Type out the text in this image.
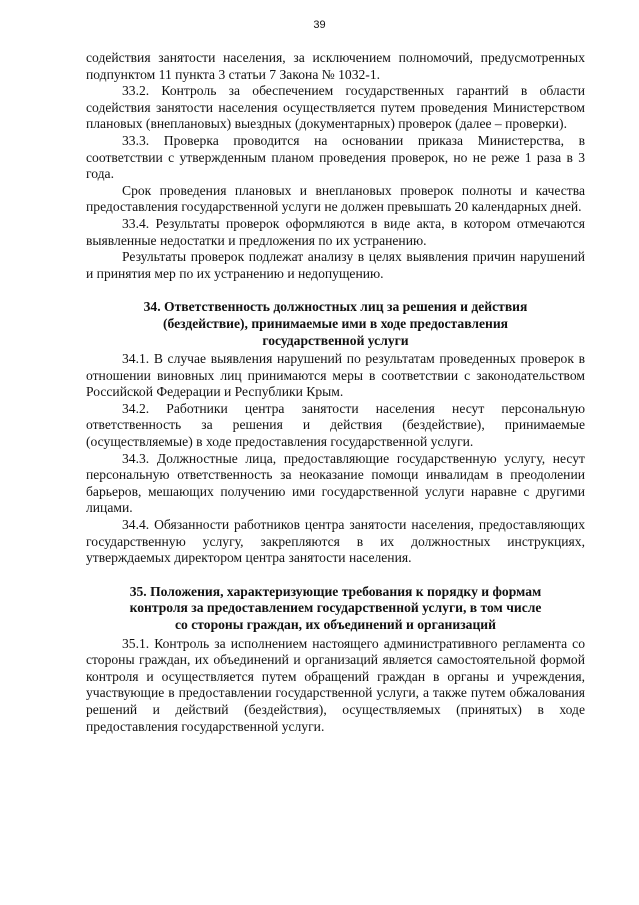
39

содействия занятости населения, за исключением полномочий, предусмотренных подпунктом 11 пункта 3 статьи 7 Закона № 1032-1.

33.2. Контроль за обеспечением государственных гарантий в области содействия занятости населения осуществляется путем проведения Министерством плановых (внеплановых) выездных (документарных) проверок (далее – проверки).

33.3. Проверка проводится на основании приказа Министерства, в соответствии с утвержденным планом проведения проверок, но не реже 1 раза в 3 года.

Срок проведения плановых и внеплановых проверок полноты и качества предоставления государственной услуги не должен превышать 20 календарных дней.

33.4. Результаты проверок оформляются в виде акта, в котором отмечаются выявленные недостатки и предложения по их устранению.

Результаты проверок подлежат анализу в целях выявления причин нарушений и принятия мер по их устранению и недопущению.

34. Ответственность должностных лиц за решения и действия
(бездействие), принимаемые ими в ходе предоставления
государственной услуги

34.1. В случае выявления нарушений по результатам проведенных проверок в отношении виновных лиц принимаются меры в соответствии с законодательством Российской Федерации и Республики Крым.

34.2. Работники центра занятости населения несут персональную ответственность за решения и действия (бездействие), принимаемые (осуществляемые) в ходе предоставления государственной услуги.

34.3. Должностные лица, предоставляющие государственную услугу, несут персональную ответственность за неоказание помощи инвалидам в преодолении барьеров, мешающих получению ими государственной услуги наравне с другими лицами.

34.4. Обязанности работников центра занятости населения, предоставляющих государственную услугу, закрепляются в их должностных инструкциях, утверждаемых директором центра занятости населения.

35. Положения, характеризующие требования к порядку и формам
контроля за предоставлением государственной услуги, в том числе
со стороны граждан, их объединений и организаций

35.1. Контроль за исполнением настоящего административного регламента со стороны граждан, их объединений и организаций является самостоятельной формой контроля и осуществляется путем обращений граждан в органы и учреждения, участвующие в предоставлении государственной услуги, а также путем обжалования решений и действий (бездействия), осуществляемых (принятых) в ходе предоставления государственной услуги.
